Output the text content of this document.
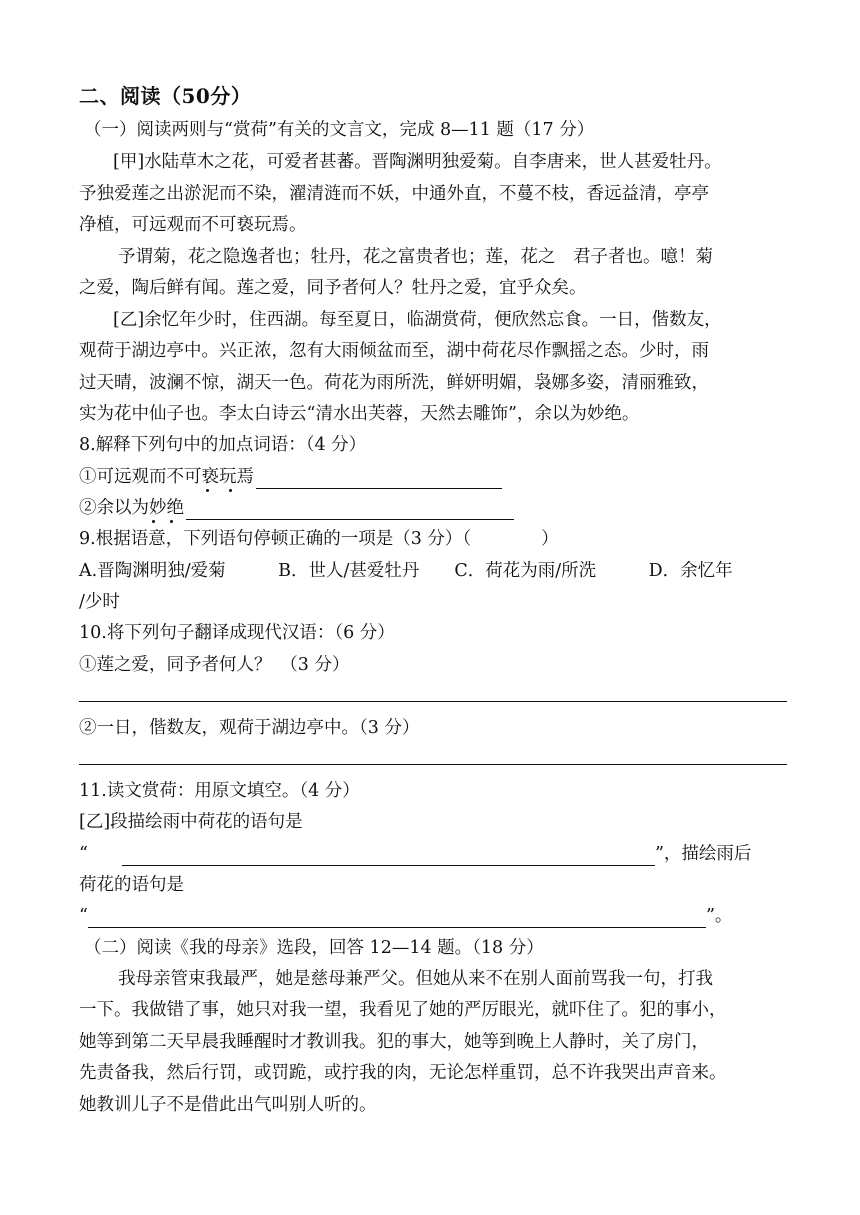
二、阅读（50分）
（一）阅读两则与“赏荷”有关的文言文，完成 8—11 题（17 分）
[甲]水陆草木之花，可爱者甚蕃。晋陶渊明独爱菊。自李唐来，世人甚爱牡丹。
予独爱莲之出淤泥而不染，濯清涟而不妖，中通外直，不蔓不枝，香远益清，亭亭
净植，可远观而不可亵玩焉。
予谓菊，花之隐逸者也；牡丹，花之富贵者也；莲，花之　君子者也。噫！菊
之爱，陶后鲜有闻。莲之爱，同予者何人？牡丹之爱，宜乎众矣。
[乙]余忆年少时，住西湖。每至夏日，临湖赏荷，便欣然忘食。一日，偕数友，
观荷于湖边亭中。兴正浓，忽有大雨倾盆而至，湖中荷花尽作飘摇之态。少时，雨
过天晴，波澜不惊，湖天一色。荷花为雨所洗，鲜妍明媚，袅娜多姿，清丽雅致，
实为花中仙子也。李太白诗云“清水出芙蓉，天然去雕饰”，余以为妙绝。
8.解释下列句中的加点词语：（4 分）
①可远观而不可亵玩焉
②余以为妙绝
9.根据语意，下列语句停顿正确的一项是（3 分）（　　　　）
A.晋陶渊明独/爱菊　　　B．世人/甚爱牡丹　　C．荷花为雨/所洗　　　D．余忆年
/少时
10.将下列句子翻译成现代汉语：（6 分）
①莲之爱，同予者何人？　（3 分）
②一日，偕数友，观荷于湖边亭中。（3 分）
11.读文赏荷：用原文填空。（4 分）
[乙]段描绘雨中荷花的语句是
“	”，描绘雨后
荷花的语句是
“	”。
（二）阅读《我的母亲》选段，回答 12—14 题。（18 分）
我母亲管束我最严，她是慈母兼严父。但她从来不在别人面前骂我一句，打我
一下。我做错了事，她只对我一望，我看见了她的严厉眼光，就吓住了。犯的事小，
她等到第二天早晨我睡醒时才教训我。犯的事大，她等到晚上人静时，关了房门，
先责备我，然后行罚，或罚跪，或拧我的肉，无论怎样重罚，总不许我哭出声音来。
她教训儿子不是借此出气叫别人听的。
